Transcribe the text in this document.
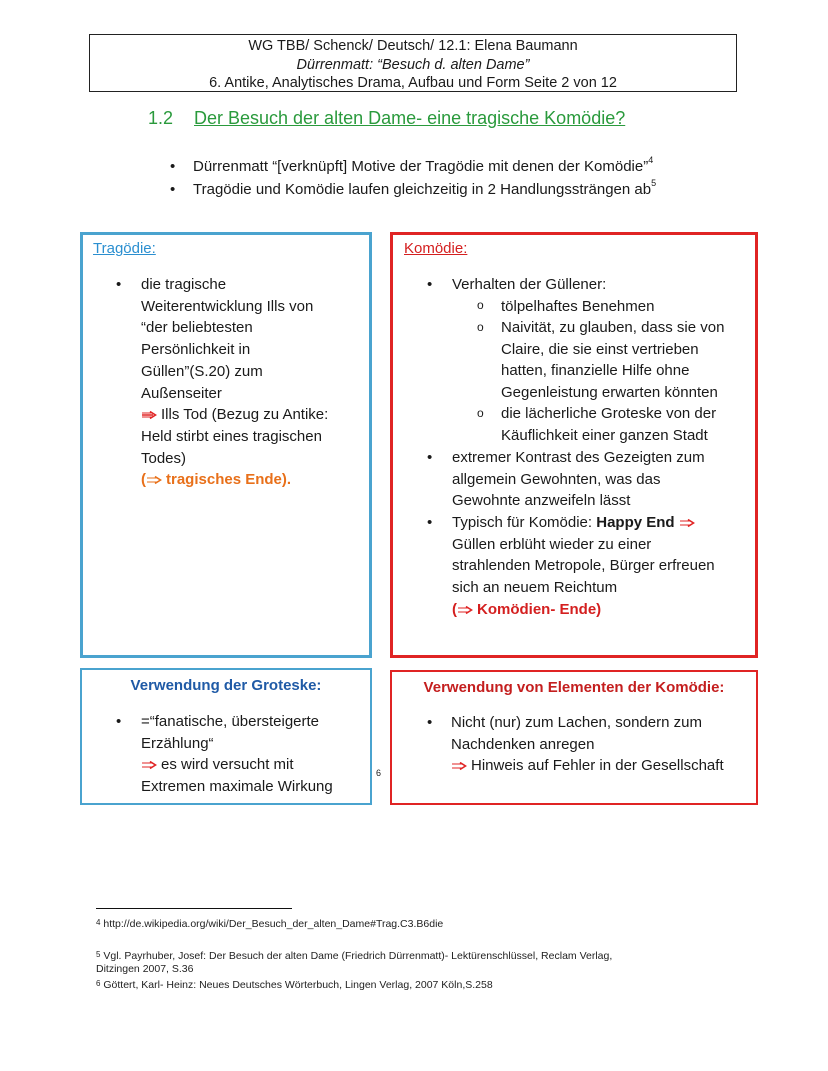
WG TBB/ Schenck/ Deutsch/ 12.1: Elena Baumann
Dürrenmatt: “Besuch d. alten Dame”
6. Antike, Analytisches Drama, Aufbau und Form Seite 2 von 12
1.2 Der Besuch der alten Dame- eine tragische Komödie?
• Dürrenmatt “[verknüpft] Motive der Tragödie mit denen der Komödie”$^4$
• Tragödie und Komödie laufen gleichzeitig in 2 Handlungssträngen $ab^5$
Tragödie:
• die tragische
Weiterentwicklung Ills von
“der beliebtesten
Persönlichkeit in
Güllen”(S.20) zum
Außenseiter
Ills Tod (Bezug zu Antike:
Held stirbt eines tragischen
Todes)
( tragisches Ende).
Komödie:
• Verhalten der Güllener:
o tölpelhaftes Benehmen
o Naivität, zu glauben, dass sie von
Claire, die sie einst vertrieben
hatten, finanzielle Hilfe ohne
Gegenleistung erwarten könnten
o die lächerliche Groteske von der
Käuflichkeit einer ganzen Stadt
• extremer Kontrast des Gezeigten zum
allgemein Gewohnten, was das
Gewohnte anzweifeln lässt
• Typisch für Komödie: Happy End
Güllen erblüht wieder zu einer
strahlenden Metropole, Bürger erfreuen
sich an neuem Reichtum
( Komödien- Ende)
Verwendung der Groteske:
• =“fanatische, übersteigerte
Erzählung“
es wird versucht mit
Extremen maximale Wirkung
6
Verwendung von Elementen der Komödie:
• Nicht (nur) zum Lachen, sondern zum
Nachdenken anregen
Hinweis auf Fehler in der Gesellschaft
$^4$ http://de.wikipedia.org/wiki/Der_Besuch_der_alten_Dame#Trag.C3.B6die
$^5$ Vgl. Payrhuber, Josef: Der Besuch der alten Dame (Friedrich Dürrenmatt)- Lektürenschlüssel, Reclam Verlag,
Ditzingen 2007, S.36
$^6$ Göttert, Karl- Heinz: Neues Deutsches Wörterbuch, Lingen Verlag, 2007 Köln,S.258
